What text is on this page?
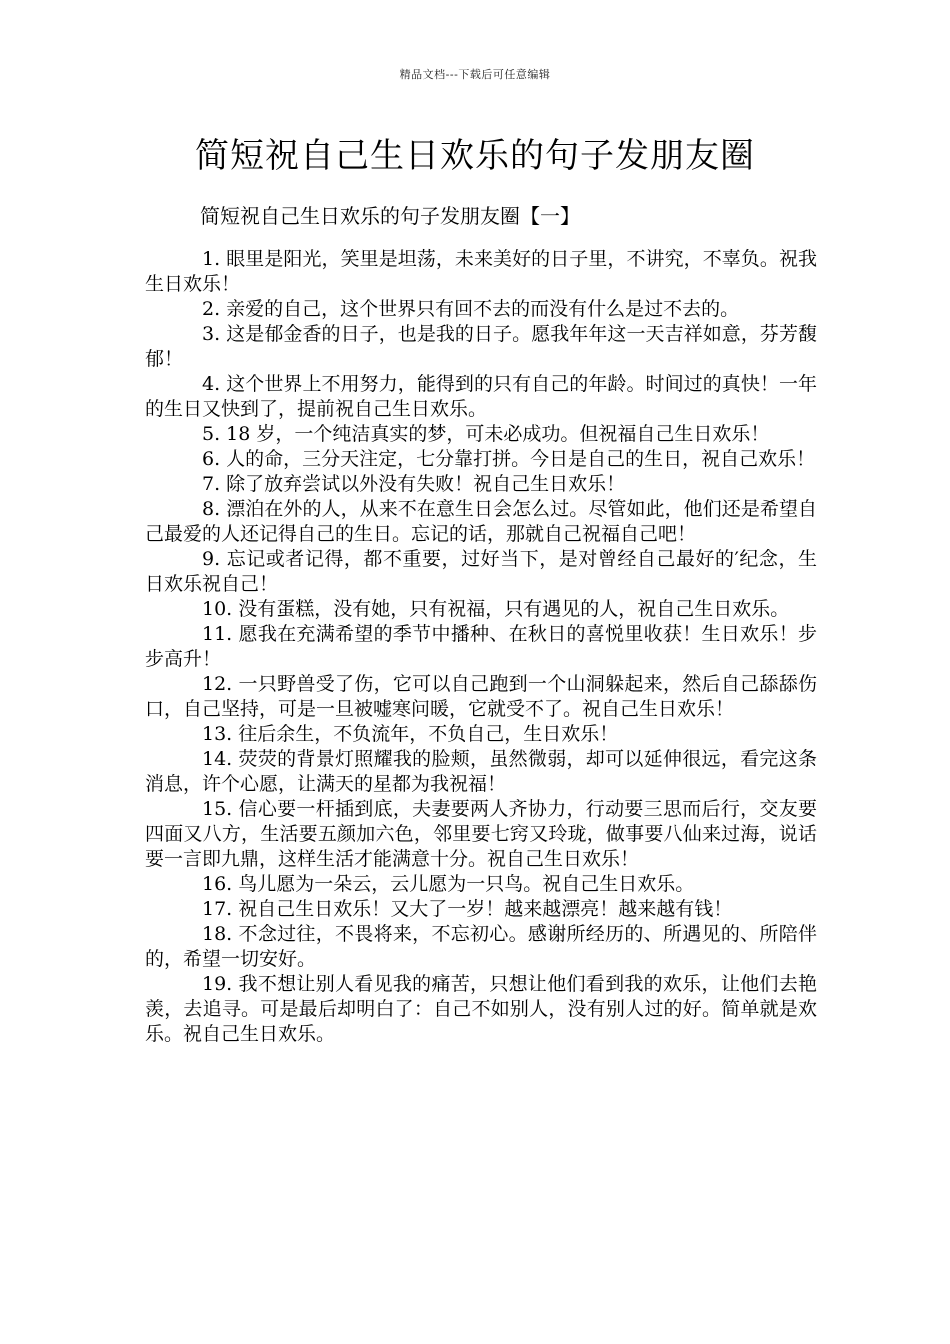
精品文档---下载后可任意编辑
简短祝自己生日欢乐的句子发朋友圈
简短祝自己生日欢乐的句子发朋友圈【一】
1. 眼里是阳光，笑里是坦荡，未来美好的日子里，不讲究，不辜负。祝我生日欢乐！
2. 亲爱的自己，这个世界只有回不去的而没有什么是过不去的。
3. 这是郁金香的日子，也是我的日子。愿我年年这一天吉祥如意，芬芳馥郁！
4. 这个世界上不用努力，能得到的只有自己的年龄。时间过的真快！一年的生日又快到了，提前祝自己生日欢乐。
5. 18 岁，一个纯洁真实的梦，可未必成功。但祝福自己生日欢乐！
6. 人的命，三分天注定，七分靠打拼。今日是自己的生日，祝自己欢乐！
7. 除了放弃尝试以外没有失败！祝自己生日欢乐！
8. 漂泊在外的人，从来不在意生日会怎么过。尽管如此，他们还是希望自己最爱的人还记得自己的生日。忘记的话，那就自己祝福自己吧！
9. 忘记或者记得，都不重要，过好当下，是对曾经自己最好的′纪念，生日欢乐祝自己！
10. 没有蛋糕，没有她，只有祝福，只有遇见的人，祝自己生日欢乐。
11. 愿我在充满希望的季节中播种、在秋日的喜悦里收获！生日欢乐！步步高升！
12. 一只野兽受了伤，它可以自己跑到一个山洞躲起来，然后自己舔舔伤口，自己坚持，可是一旦被嘘寒问暖，它就受不了。祝自己生日欢乐！
13. 往后余生，不负流年，不负自己，生日欢乐！
14. 荧荧的背景灯照耀我的脸颊，虽然微弱，却可以延伸很远，看完这条消息，许个心愿，让满天的星都为我祝福！
15. 信心要一杆插到底，夫妻要两人齐协力，行动要三思而后行，交友要四面又八方，生活要五颜加六色，邻里要七窍又玲珑，做事要八仙来过海，说话要一言即九鼎，这样生活才能满意十分。祝自己生日欢乐！
16. 鸟儿愿为一朵云，云儿愿为一只鸟。祝自己生日欢乐。
17. 祝自己生日欢乐！又大了一岁！越来越漂亮！越来越有钱！
18. 不念过往，不畏将来，不忘初心。感谢所经历的、所遇见的、所陪伴的，希望一切安好。
19. 我不想让别人看见我的痛苦，只想让他们看到我的欢乐，让他们去艳羡，去追寻。可是最后却明白了：自己不如别人，没有别人过的好。简单就是欢乐。祝自己生日欢乐。
